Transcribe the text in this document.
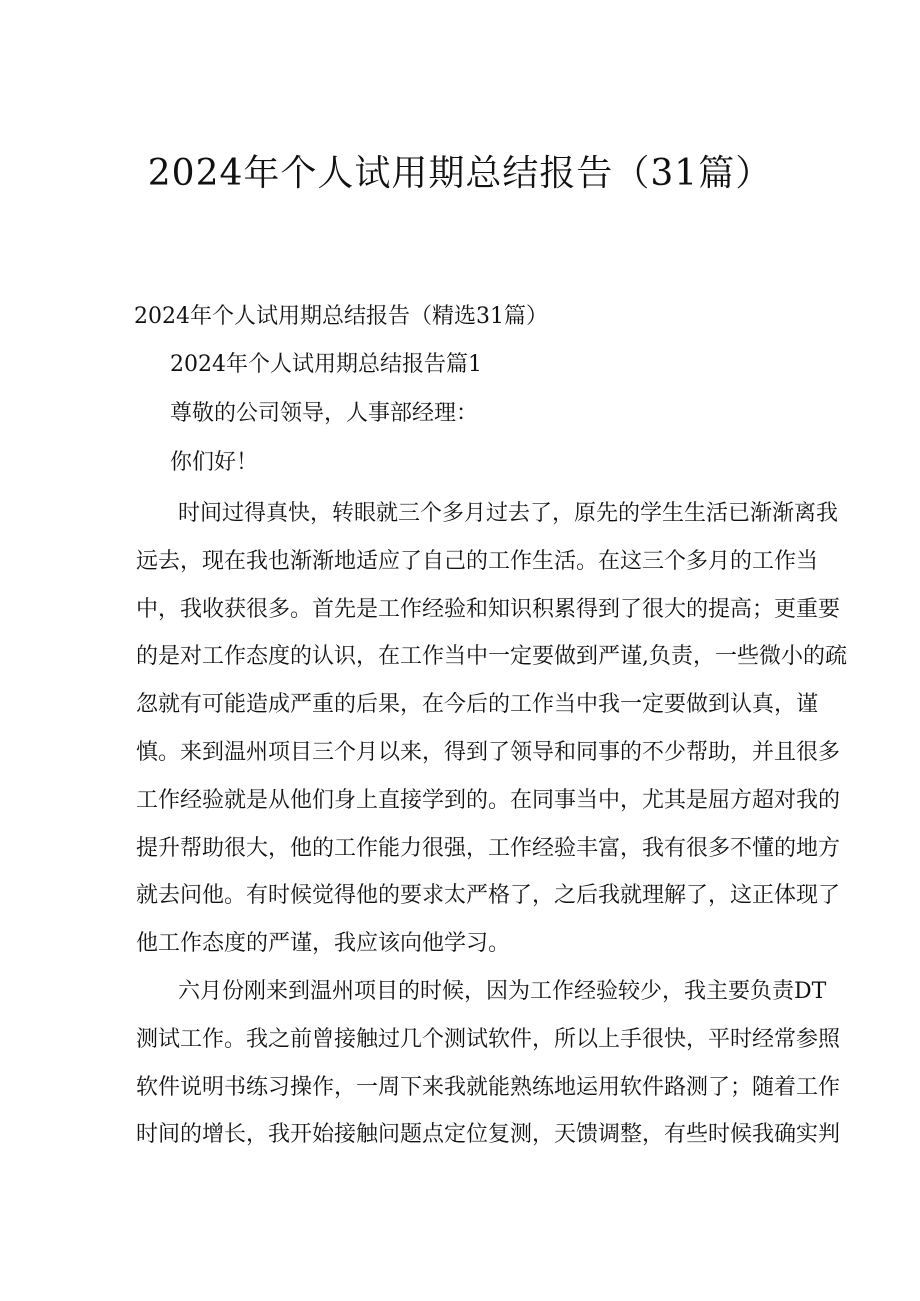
2024年个人试用期总结报告（31篇）
2024年个人试用期总结报告（精选31篇）
2024年个人试用期总结报告篇1
尊敬的公司领导，人事部经理：
你们好！
时间过得真快，转眼就三个多月过去了，原先的学生生活已渐渐离我
远去，现在我也渐渐地适应了自己的工作生活。在这三个多月的工作当
中，我收获很多。首先是工作经验和知识积累得到了很大的提高；更重要
的是对工作态度的认识，在工作当中一定要做到严谨,负责，一些微小的疏
忽就有可能造成严重的后果，在今后的工作当中我一定要做到认真，谨
慎。来到温州项目三个月以来，得到了领导和同事的不少帮助，并且很多
工作经验就是从他们身上直接学到的。在同事当中，尤其是屈方超对我的
提升帮助很大，他的工作能力很强，工作经验丰富，我有很多不懂的地方
就去问他。有时候觉得他的要求太严格了，之后我就理解了，这正体现了
他工作态度的严谨，我应该向他学习。
六月份刚来到温州项目的时候，因为工作经验较少，我主要负责DT
测试工作。我之前曾接触过几个测试软件，所以上手很快，平时经常参照
软件说明书练习操作，一周下来我就能熟练地运用软件路测了；随着工作
时间的增长，我开始接触问题点定位复测，天馈调整，有些时候我确实判
